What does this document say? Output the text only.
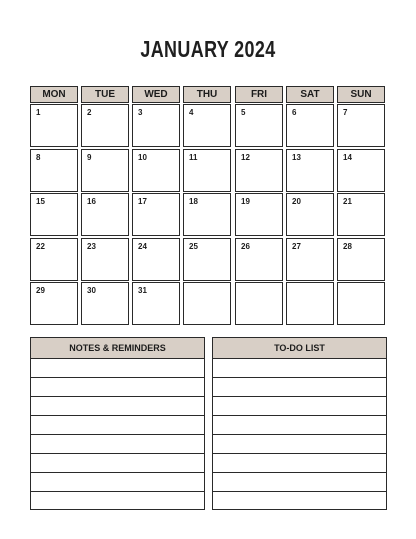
JANUARY 2024
MON	TUE	WED	THU	FRI	SAT	SUN
1	2	3	4	5	6	7
8	9	10	11	12	13	14
15	16	17	18	19	20	21
22	23	24	25	26	27	28
29	30	31
NOTES & REMINDERS	TO-DO LIST
